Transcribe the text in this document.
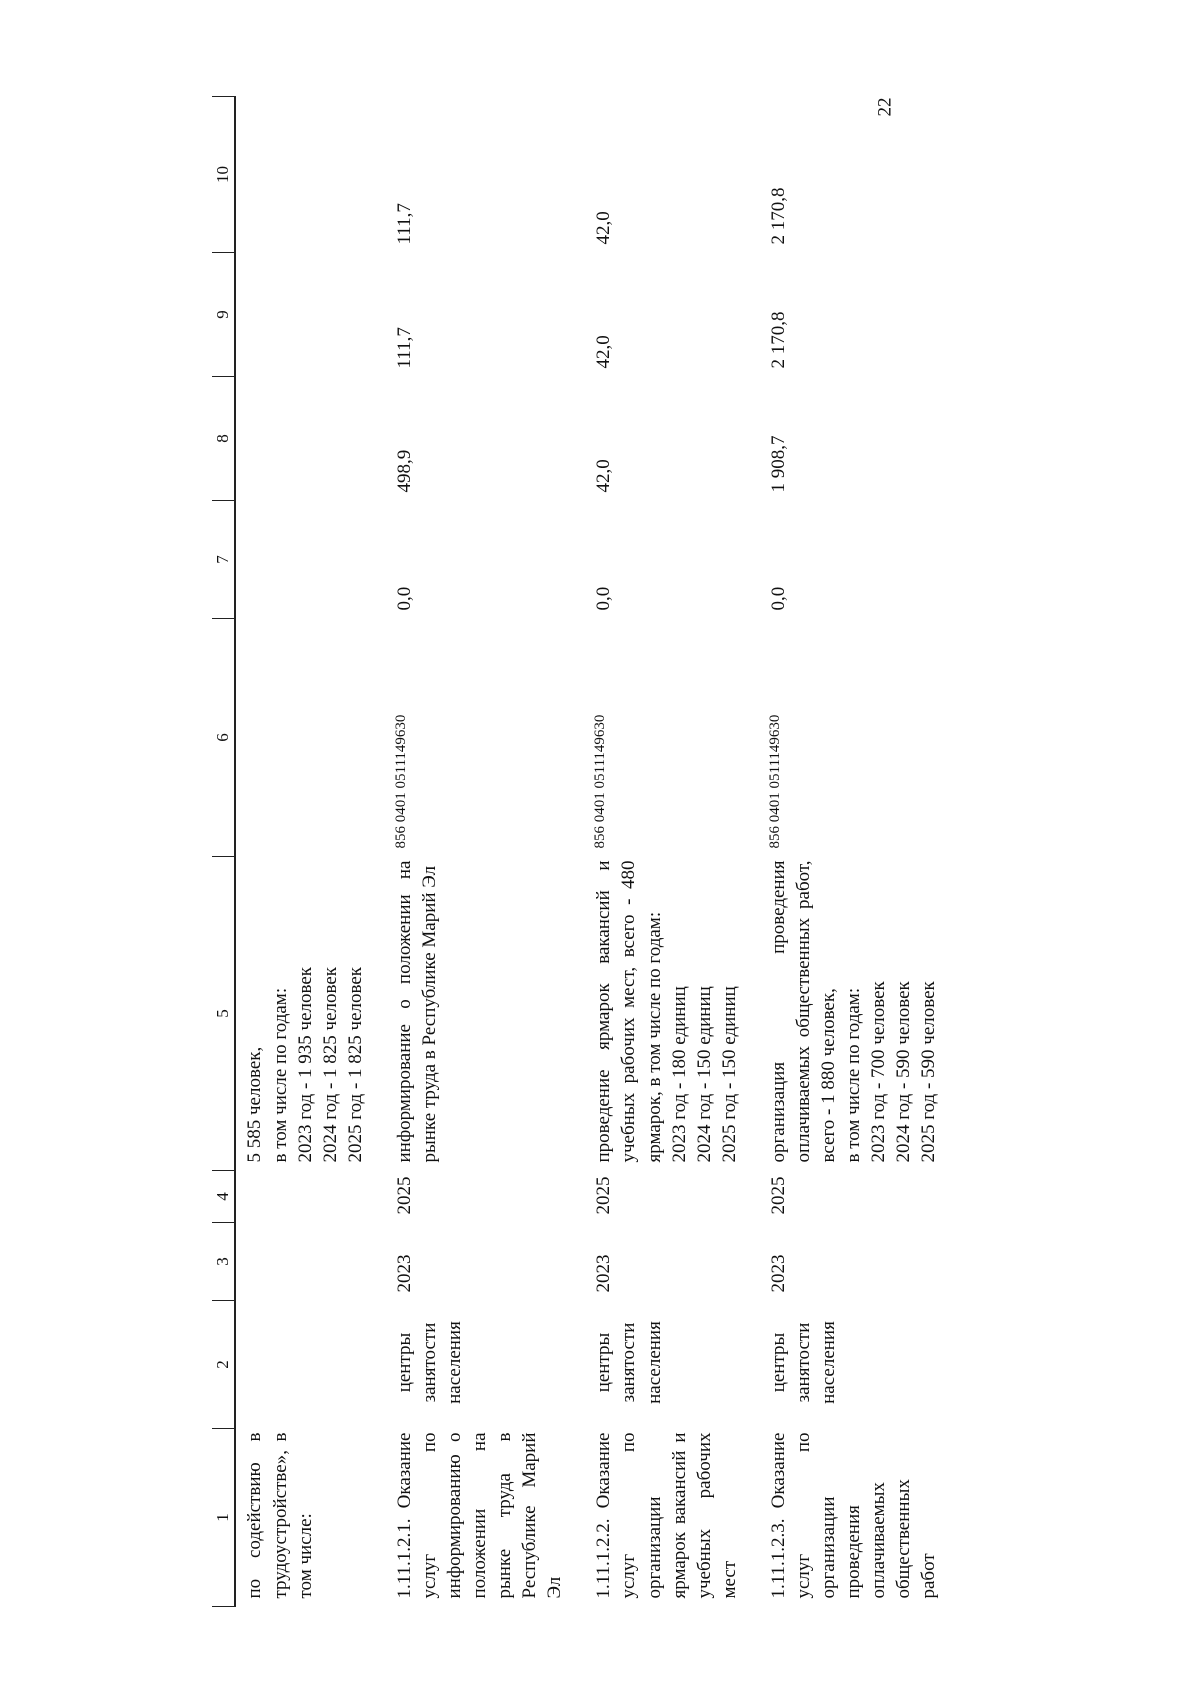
22
1	2	3	4	5	6	7	8	9	10
по содействию в трудоустройстве», в том числе:				5 585 человек, в том числе по годам: 2023 год - 1 935 человек 2024 год - 1 825 человек 2025 год - 1 825 человек					

1.11.1.2.1. Оказание услуг по информированию о положении на рынке труда в Республике Марий Эл	центры занятости населения	2023	2025	информирование о положении на рынке труда в Республике Марий Эл	856 0401 0511149630	0,0	498,9	111,7	111,7
1.11.1.2.2. Оказание услуг по организации ярмарок вакансий и учебных рабочих мест	центры занятости населения	2023	2025	проведение ярмарок вакансий и учебных рабочих мест, всего - 480 ярмарок, в том числе по годам: 2023 год - 180 единиц 2024 год - 150 единиц 2025 год - 150 единиц	856 0401 0511149630	0,0	42,0	42,0	42,0
1.11.1.2.3. Оказание услуг по организации проведения оплачиваемых общественных работ	центры занятости населения	2023	2025	организация проведения оплачиваемых общественных работ, всего - 1 880 человек, в том числе по годам: 2023 год - 700 человек 2024 год - 590 человек 2025 год - 590 человек	856 0401 0511149630	0,0	1 908,7	2 170,8	2 170,8
